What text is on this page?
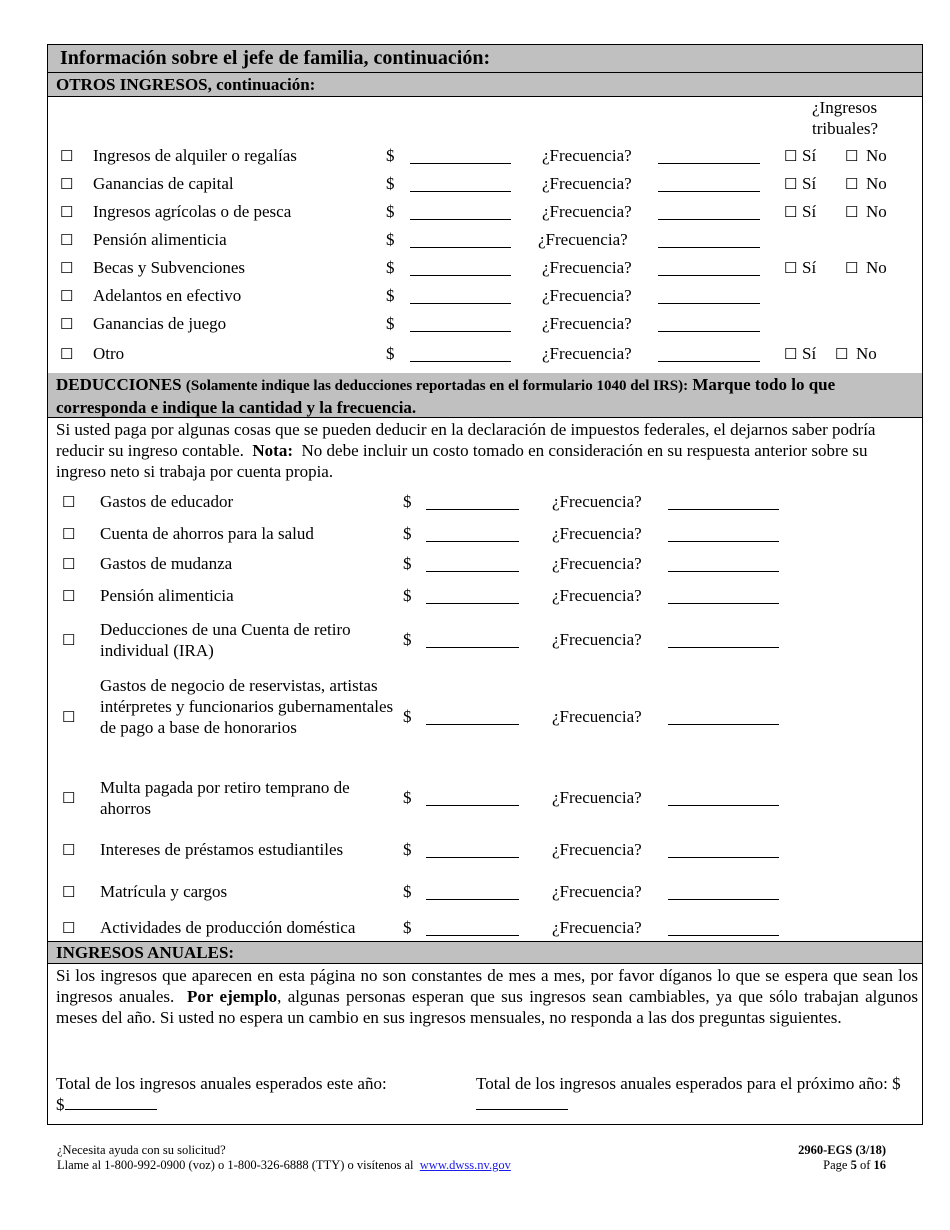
Información sobre el jefe de familia, continuación:
OTROS INGRESOS, continuación:
¿Ingresos
tribuales?
☐ Ingresos de alquiler o regalías	$	¿Frecuencia?	☐ Sí ☐ No
☐ Ganancias de capital	$	¿Frecuencia?	☐ Sí ☐ No
☐ Ingresos agrícolas o de pesca	$	¿Frecuencia?	☐ Sí ☐ No
☐ Pensión alimenticia	$	¿Frecuencia?
☐ Becas y Subvenciones	$	¿Frecuencia?	☐ Sí ☐ No
☐ Adelantos en efectivo	$	¿Frecuencia?
☐ Ganancias de juego	$	¿Frecuencia?
☐ Otro	$	¿Frecuencia?	☐ Sí ☐ No
DEDUCCIONES (Solamente indique las deducciones reportadas en el formulario 1040 del IRS): Marque todo lo que corresponda e indique la cantidad y la frecuencia.
Si usted paga por algunas cosas que se pueden deducir en la declaración de impuestos federales, el dejarnos saber podría reducir su ingreso contable. Nota: No debe incluir un costo tomado en consideración en su respuesta anterior sobre su ingreso neto si trabaja por cuenta propia.
☐ Gastos de educador	$	¿Frecuencia?
☐ Cuenta de ahorros para la salud	$	¿Frecuencia?
☐ Gastos de mudanza	$	¿Frecuencia?
☐ Pensión alimenticia	$	¿Frecuencia?
☐
Deducciones de una Cuenta de retiro individual (IRA)
$	¿Frecuencia?
☐
Gastos de negocio de reservistas, artistas intérpretes y funcionarios gubernamentales de pago a base de honorarios
$	¿Frecuencia?
☐
Multa pagada por retiro temprano de ahorros
$	¿Frecuencia?
☐ Intereses de préstamos estudiantiles	$	¿Frecuencia?
☐ Matrícula y cargos	$	¿Frecuencia?
☐ Actividades de producción doméstica	$	¿Frecuencia?
INGRESOS ANUALES:
Si los ingresos que aparecen en esta página no son constantes de mes a mes, por favor díganos lo que se espera que sean los ingresos anuales. Por ejemplo, algunas personas esperan que sus ingresos sean cambiables, ya que sólo trabajan algunos meses del año. Si usted no espera un cambio en sus ingresos mensuales, no responda a las dos preguntas siguientes.
Total de los ingresos anuales esperados este año:
$
Total de los ingresos anuales esperados para el próximo año: $
¿Necesita ayuda con su solicitud?
Llame al 1-800-992-0900 (voz) o 1-800-326-6888 (TTY) o visítenos al www.dwss.nv.gov
2960-EGS (3/18)
Page 5 of 16
